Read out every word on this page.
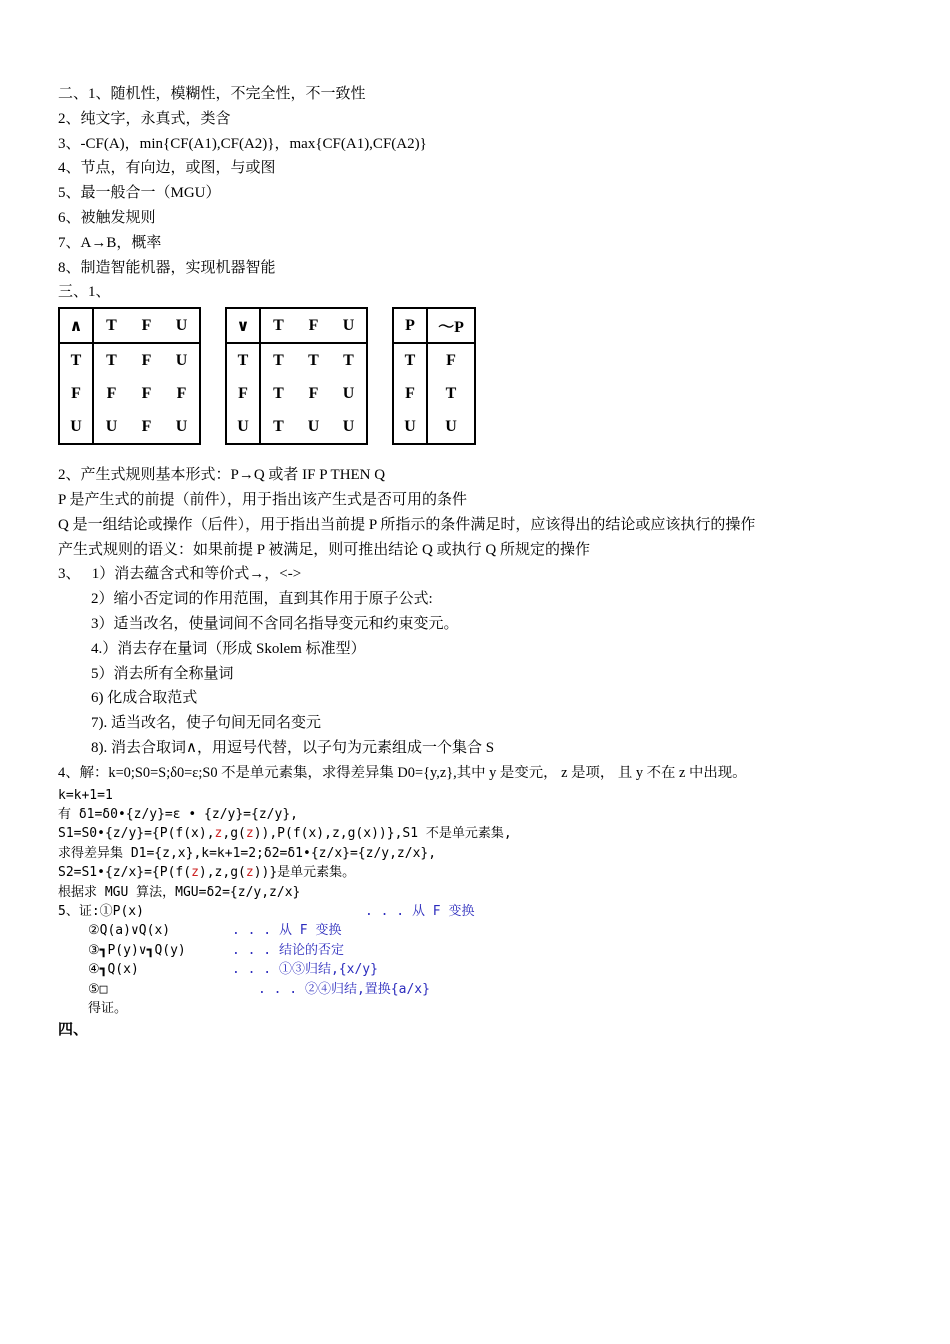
二、1、随机性，模糊性，不完全性，不一致性
2、纯文字，永真式，类含
3、-CF(A)，min{CF(A1),CF(A2)}，max{CF(A1),CF(A2)}
4、节点，有向边，或图，与或图
5、最一般合一（MGU）
6、被触发规则
7、A→B，概率
8、制造智能机器，实现机器智能
三、1、
∧	T	F	U
T	T	F	U
F	F	F	F
U	U	F	U
∨	T	F	U
T	T	T	T
F	T	F	U
U	T	U	U
P	～P
T	F
F	T
U	U
2、产生式规则基本形式：P→Q 或者 IF P THEN Q
P 是产生式的前提（前件），用于指出该产生式是否可用的条件
Q 是一组结论或操作（后件），用于指出当前提 P 所指示的条件满足时，应该得出的结论或应该执行的操作
产生式规则的语义：如果前提 P 被满足，则可推出结论 Q 或执行 Q 所规定的操作
3、 1）消去蕴含式和等价式→，<->
2）缩小否定词的作用范围，直到其作用于原子公式:
3）适当改名，使量词间不含同名指导变元和约束变元。
4.）消去存在量词（形成 Skolem 标准型）
5）消去所有全称量词
6) 化成合取范式
7). 适当改名，使子句间无同名变元
8). 消去合取词∧，用逗号代替，以子句为元素组成一个集合 S
4、解：k=0;S0=S;δ0=ε;S0 不是单元素集，求得差异集 D0={y,z},其中 y 是变元， z 是项， 且 y 不在 z 中出现。
k=k+1=1
有 δ1=δ0•{z/y}=ε • {z/y}={z/y},
S1=S0•{z/y}={P(f(x),z,g(z)),P(f(x),z,g(x))},S1 不是单元素集,
求得差异集 D1={z,x},k=k+1=2;δ2=δ1•{z/x}={z/y,z/x},
S2=S1•{z/x}={P(f(z),z,g(z))}是单元素集。
根据求 MGU 算法，MGU=δ2={z/y,z/x}
5、证:①P(x)	. . . 从 F 变换
②Q(a)∨Q(x)	. . . 从 F 变换
③┓P(y)∨┓Q(y)	. . . 结论的否定
④┓Q(x)	. . . ①③归结,{x/y}
⑤□	. . . ②④归结,置换{a/x}
得证。
四、
